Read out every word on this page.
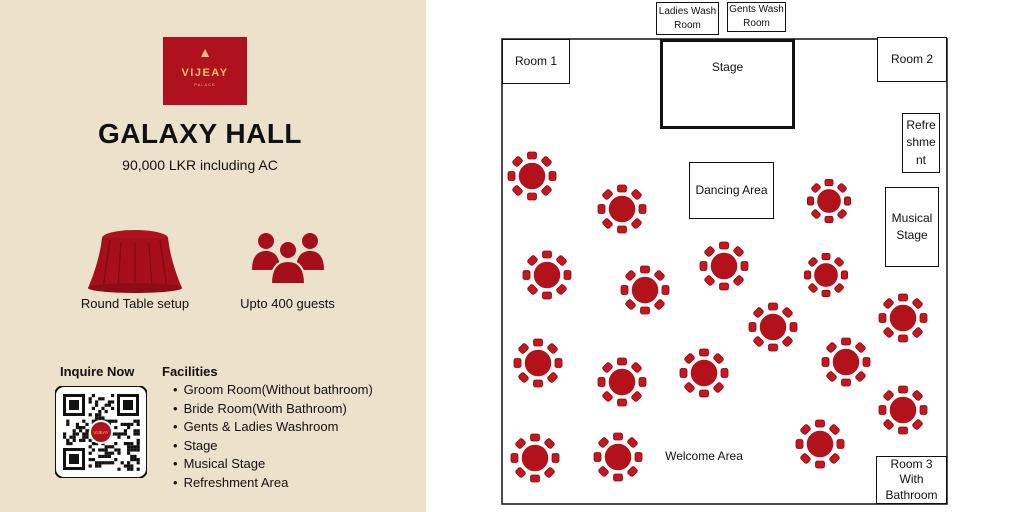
▲
VIJEAY
PALACE
GALAXY HALL
90,000 LKR including AC
Round Table setup	Upto 400 guests
Inquire Now
VIJEAY
Facilities
• Groom Room(Without bathroom)
• Bride Room(With Bathroom)
• Gents & Ladies Washroom
• Stage
• Musical Stage
• Refreshment Area
Ladies Wash Room
Gents Wash Room
Room 1	Room 2
Stage
Refre shme nt
Dancing Area
Musical Stage
Room 3 With Bathroom
Welcome Area
